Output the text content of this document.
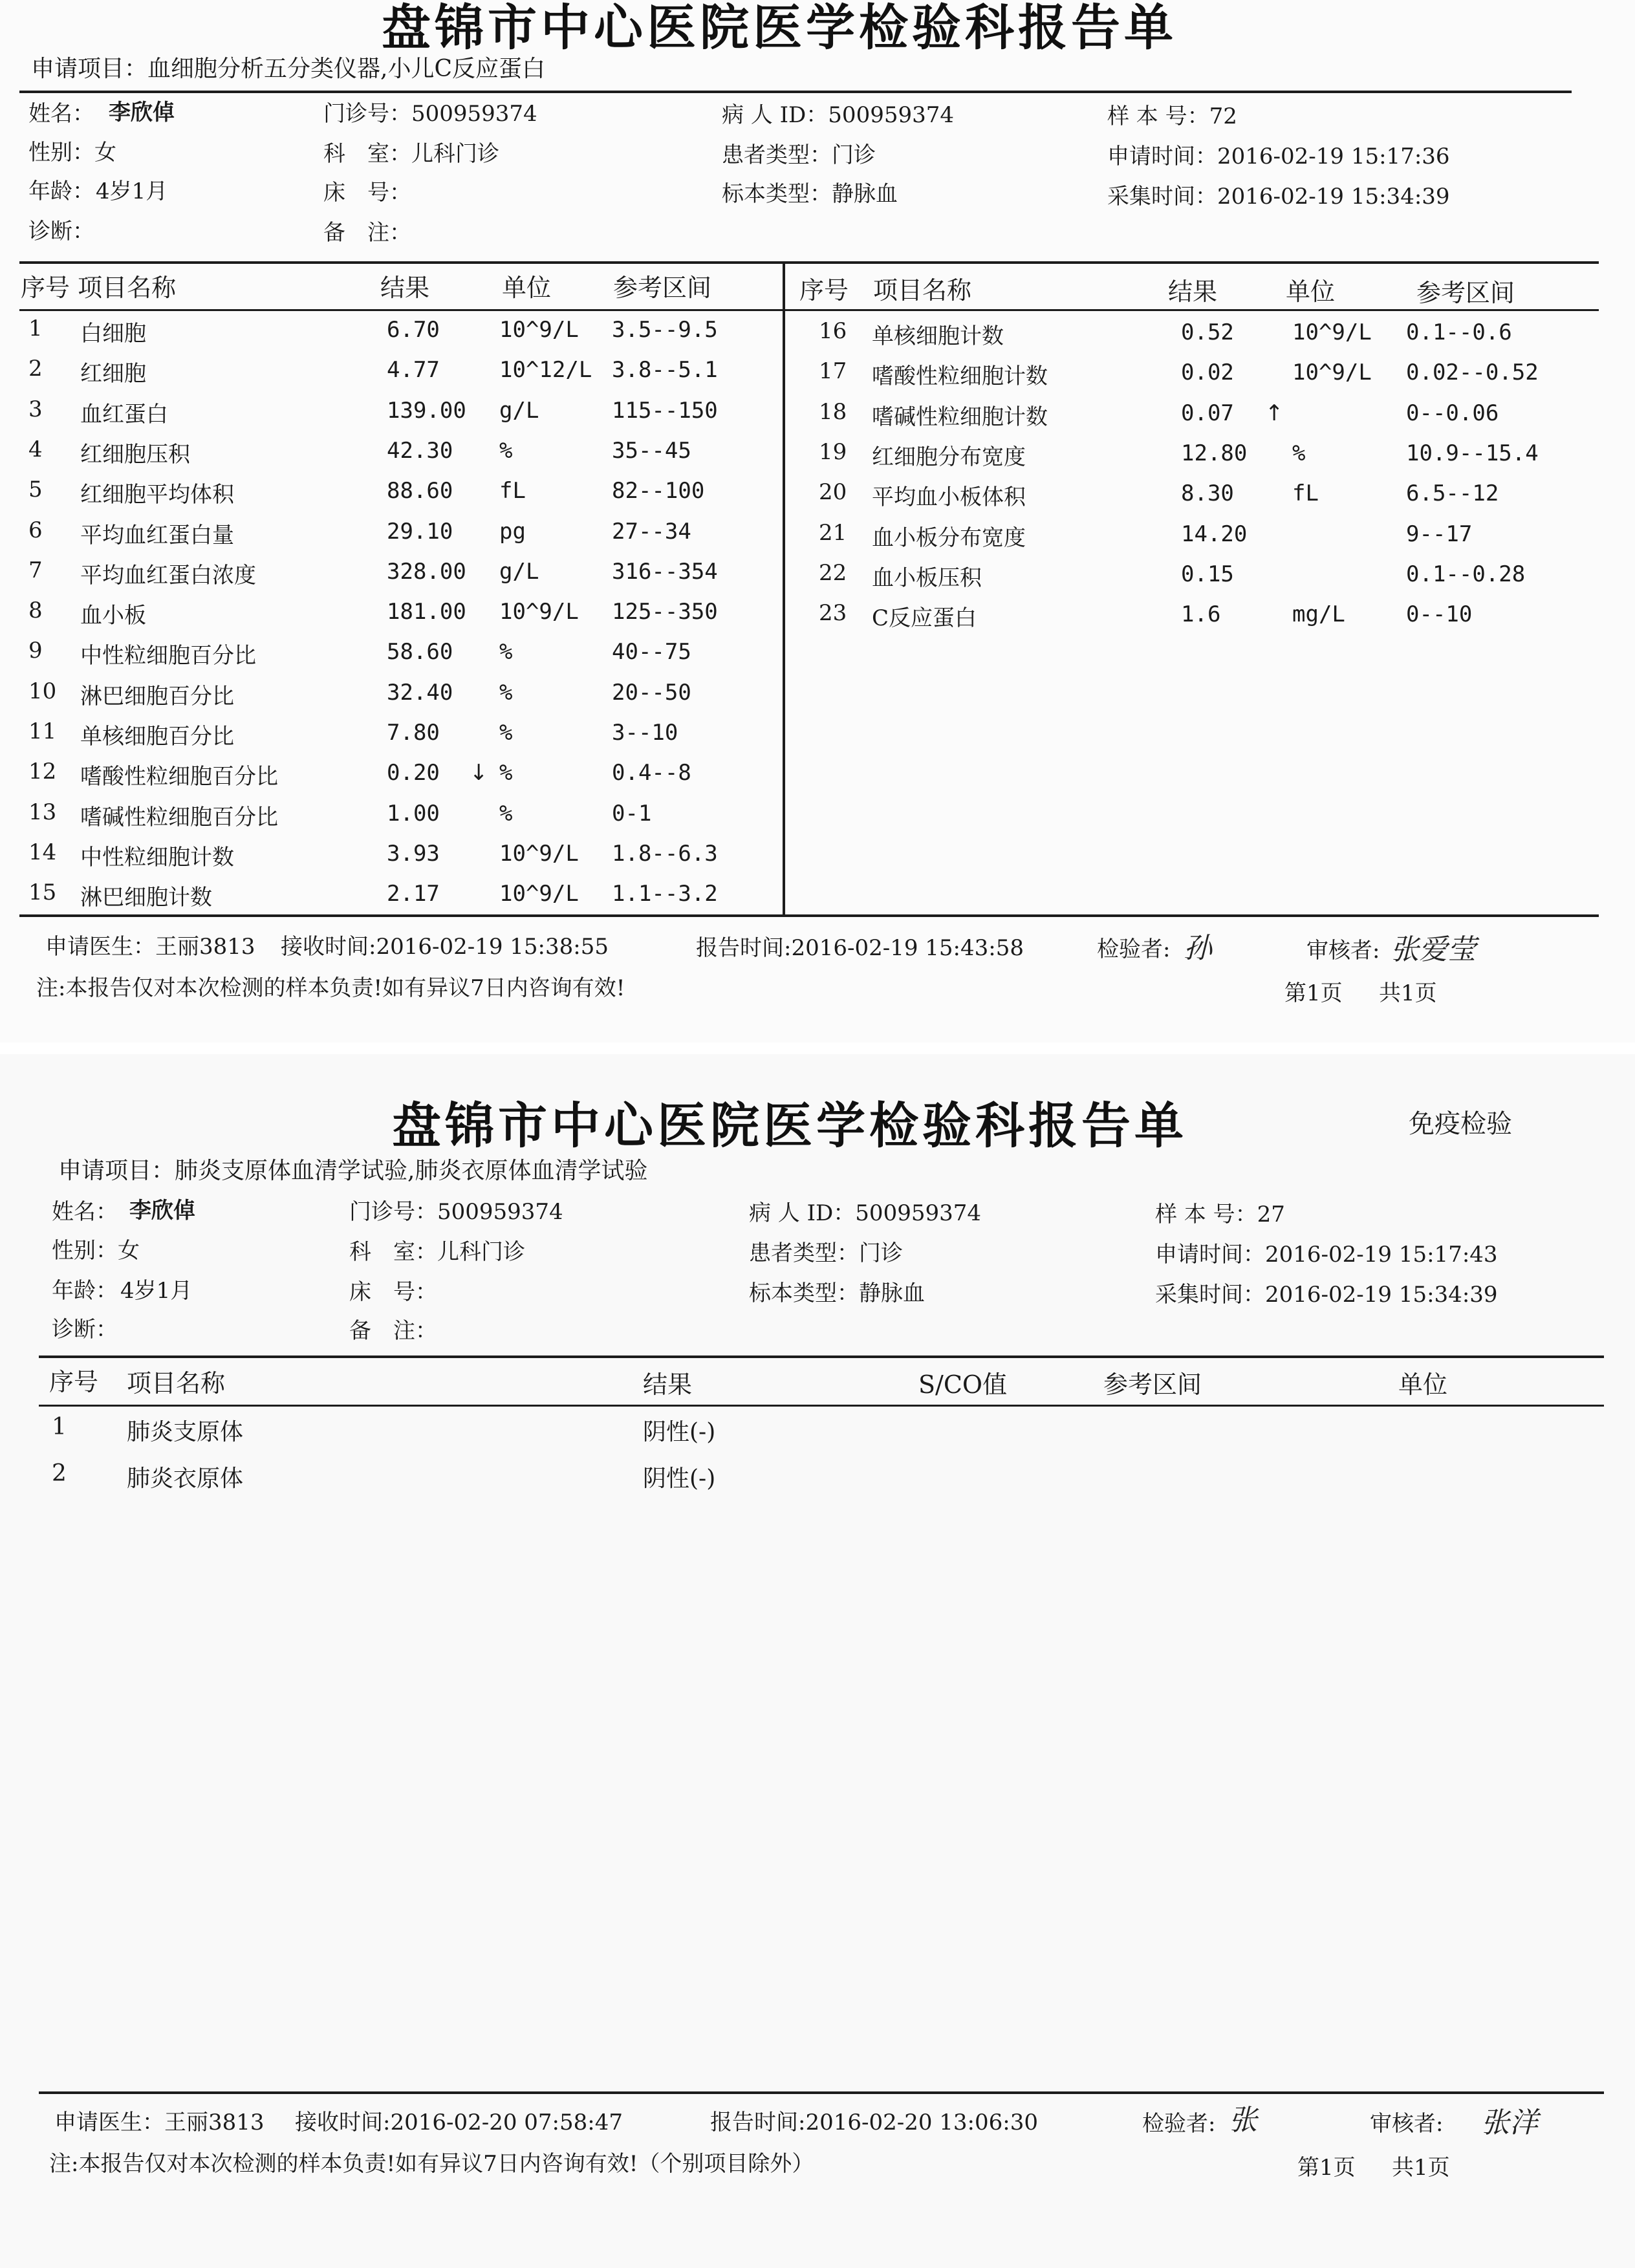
盘锦市中心医院医学检验科报告单
申请项目：血细胞分析五分类仪器,小儿C反应蛋白
姓名： 李欣倬
性别：女
年龄： 4岁1月
诊断：
门诊号：500959374
科　室：儿科门诊
床　号：
备　注：
病 人 ID：500959374
患者类型：门诊
标本类型：静脉血
样 本 号：72
申请时间：2016-02-19 15:17:36
采集时间：2016-02-19 15:34:39
序号 项目名称	结果	单位	参考区间	序号 项目名称	结果	单位	参考区间
1 白细胞	6.70	10^9/L 3.5--9.5
2 红细胞	4.77	10^12/L 3.8--5.1
3 血红蛋白	139.00 g/L	115--150
4 红细胞压积	42.30 %	35--45
5 红细胞平均体积	88.60 fL	82--100
6 平均血红蛋白量	29.10 pg	27--34
7 平均血红蛋白浓度	328.00 g/L	316--354
8 血小板	181.00 10^9/L 125--350
9 中性粒细胞百分比	58.60 %	40--75
10 淋巴细胞百分比	32.40 %	20--50
11 单核细胞百分比	7.80	%	3--10
12 嗜酸性粒细胞百分比	0.20 ↓ %	0.4--8
13 嗜碱性粒细胞百分比	1.00	%	0-1
14 中性粒细胞计数	3.93	10^9/L 1.8--6.3
15 淋巴细胞计数	2.17	10^9/L 1.1--3.2
16 单核细胞计数	0.52	10^9/L 0.1--0.6
17 嗜酸性粒细胞计数	0.02	10^9/L 0.02--0.52
18 嗜碱性粒细胞计数	0.07 ↑	0--0.06
19 红细胞分布宽度	12.80 %	10.9--15.4
20 平均血小板体积	8.30	fL	6.5--12
21 血小板分布宽度	14.20	9--17
22 血小板压积	0.15	0.1--0.28
23 C反应蛋白	1.6	mg/L	0--10
申请医生：王丽3813 接收时间:2016-02-19 15:38:55	报告时间:2016-02-19 15:43:58	检验者: 孙	审核者: 张爱莹
注:本报告仅对本次检测的样本负责!如有异议7日内咨询有效!	第1页 共1页
盘锦市中心医院医学检验科报告单	免疫检验
申请项目：肺炎支原体血清学试验,肺炎衣原体血清学试验
姓名： 李欣倬
性别：女
年龄： 4岁1月
诊断：
门诊号：500959374
科　室：儿科门诊
床　号：
备　注：
病 人 ID：500959374
患者类型：门诊
标本类型：静脉血
样 本 号：27
申请时间：2016-02-19 15:17:43
采集时间：2016-02-19 15:34:39
序号 项目名称	结果	S/CO值	参考区间	单位
1	肺炎支原体	阴性(-)
2	肺炎衣原体	阴性(-)
申请医生：王丽3813 接收时间:2016-02-20 07:58:47	报告时间:2016-02-20 13:06:30	检验者: 张	审核者: 张洋
注:本报告仅对本次检测的样本负责!如有异议7日内咨询有效!（个别项目除外）	第1页 共1页
